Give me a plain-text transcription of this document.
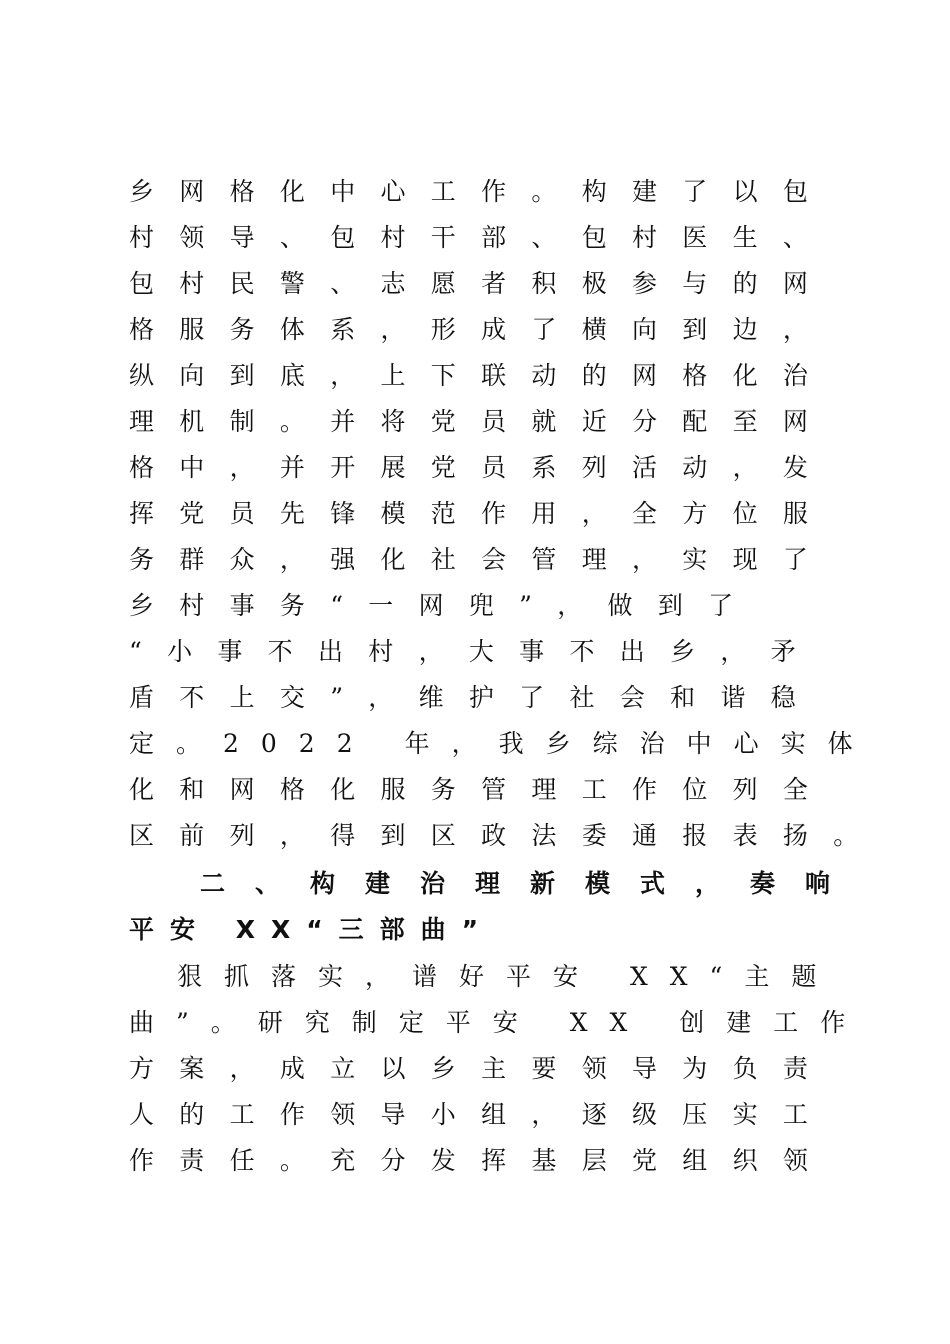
乡网格化中心工作。构建了以包

村领导、包村干部、包村医生、

包村民警、志愿者积极参与的网

格服务体系，形成了横向到边，

纵向到底，上下联动的网格化治

理机制。并将党员就近分配至网

格中，并开展党员系列活动，发

挥党员先锋模范作用，全方位服

务群众，强化社会管理，实现了

乡村事务“一网兜”，做到了

“小事不出村，大事不出乡，矛

盾不上交”，维护了社会和谐稳

定。2022 年，我乡综治中心实体

化和网格化服务管理工作位列全

区前列，得到区政法委通报表扬。

二、构建治理新模式，奏响

平安 XX“三部曲”

狠抓落实，谱好平安 XX“主题

曲”。研究制定平安 XX 创建工作

方案，成立以乡主要领导为负责

人的工作领导小组，逐级压实工

作责任。充分发挥基层党组织领
